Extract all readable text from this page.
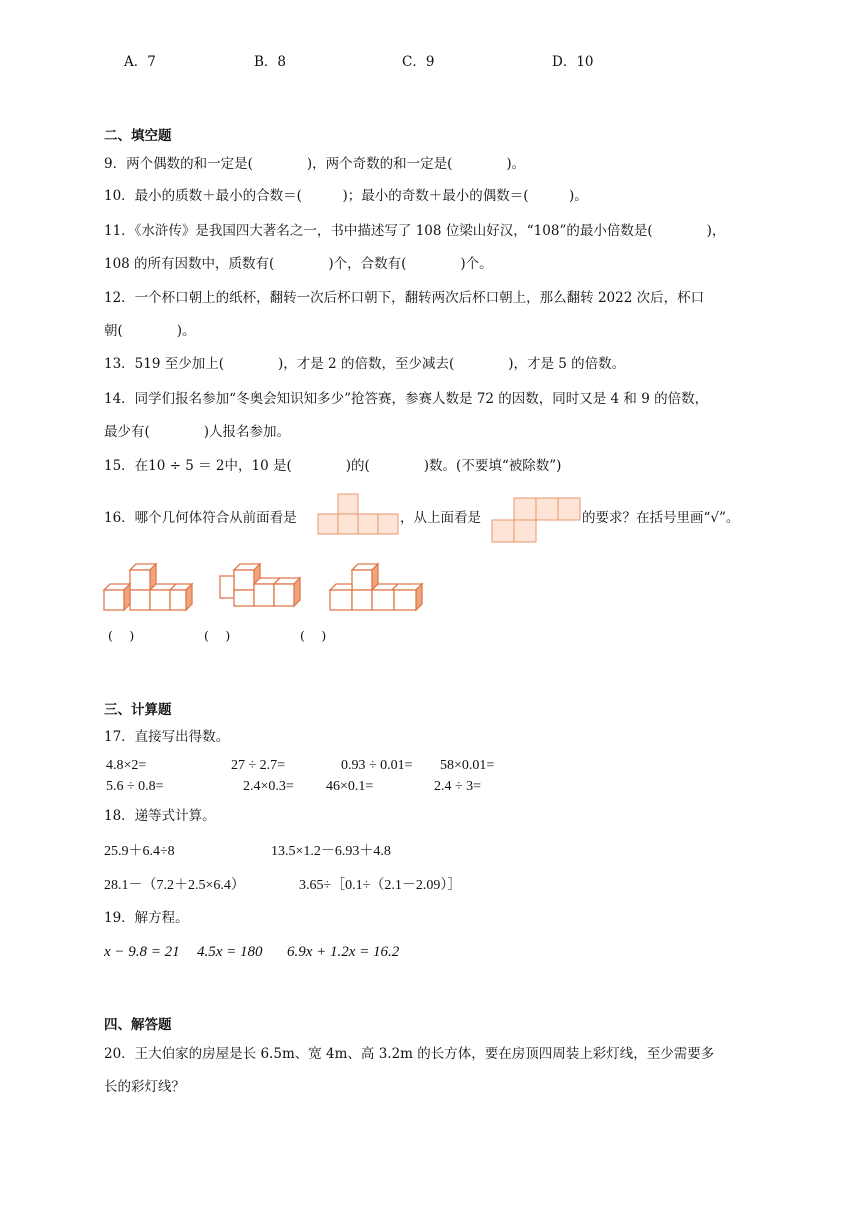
A．7	B．8	C．9	D．10
二、填空题
9．两个偶数的和一定是(　　　　)，两个奇数的和一定是(　　　　)。
10．最小的质数＋最小的合数＝(　　　)；最小的奇数＋最小的偶数＝(　　　)。
11．《水浒传》是我国四大著名之一，书中描述写了 108 位梁山好汉，“108”的最小倍数是(　　　　)，
108 的所有因数中，质数有(　　　　)个，合数有(　　　　)个。
12．一个杯口朝上的纸杯，翻转一次后杯口朝下，翻转两次后杯口朝上，那么翻转 2022 次后，杯口
朝(　　　　)。
13．519 至少加上(　　　　)，才是 2 的倍数，至少减去(　　　　)，才是 5 的倍数。
14．同学们报名参加“冬奥会知识知多少”抢答赛，参赛人数是 72 的因数，同时又是 4 和 9 的倍数，
最少有(　　　　)人报名参加。
15．在10 ÷ 5 ＝ 2中，10 是(　　　　)的(　　　　)数。(不要填“被除数”)
16．哪个几何体符合从前面看是	，从上面看是	的要求？在括号里画“√”。
(　 )	(　 )	(　 )
三、计算题
17．直接写出得数。
4.8×2=	27 ÷ 2.7=	0.93 ÷ 0.01= 58×0.01=
5.6 ÷ 0.8=	2.4×0.3= 46×0.1=	2.4 ÷ 3=
18．递等式计算。
25.9＋6.4÷8	13.5×1.2－6.93＋4.8
28.1－（7.2＋2.5×6.4）	3.65÷［0.1÷（2.1－2.09）］
19．解方程。
x − 9.8 = 21 4.5x = 180 6.9x + 1.2x = 16.2
四、解答题
20．王大伯家的房屋是长 6.5m、宽 4m、高 3.2m 的长方体，要在房顶四周装上彩灯线，至少需要多
长的彩灯线？
